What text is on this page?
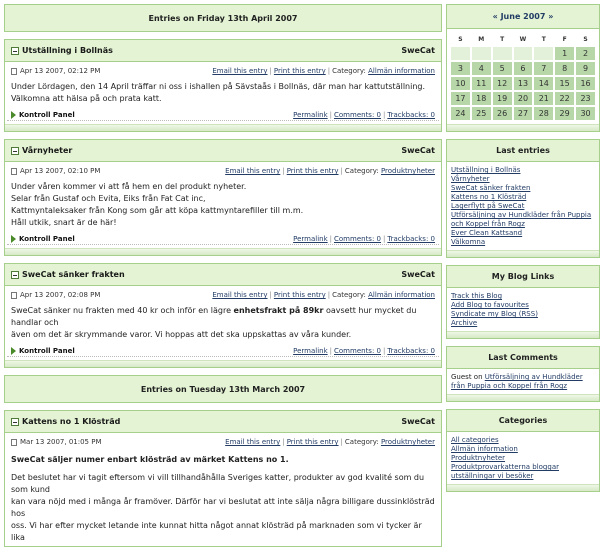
Entries on Friday 13th April 2007
Utställning i Bollnäs	SweCat
Apr 13 2007, 02:12 PM	Email this entry | Print this entry | Category: Allmän information
Under Lördagen, den 14 April träffar ni oss i ishallen på Sävstaås i Bollnäs, där man har kattutställning.
Välkomna att hälsa på och prata katt.
Kontroll Panel	Permalink | Comments: 0 | Trackbacks: 0
Vårnyheter	SweCat
Apr 13 2007, 02:10 PM	Email this entry | Print this entry | Category: Produktnyheter
Under våren kommer vi att få hem en del produkt nyheter.
Selar från Gustaf och Evita, Eiks från Fat Cat inc,
Kattmyntaleksaker från Kong som går att köpa kattmyntarefiller till m.m.
Håll utkik, snart är de här!
Kontroll Panel	Permalink | Comments: 0 | Trackbacks: 0
SweCat sänker frakten	SweCat
Apr 13 2007, 02:08 PM	Email this entry | Print this entry | Category: Allmän information
SweCat sänker nu frakten med 40 kr och inför en lägre enhetsfrakt på 89kr oavsett hur mycket du handlar och
även om det är skrymmande varor. Vi hoppas att det ska uppskattas av våra kunder.
Kontroll Panel	Permalink | Comments: 0 | Trackbacks: 0
Entries on Tuesday 13th March 2007
Kattens no 1 Klösträd	SweCat
Mar 13 2007, 01:05 PM	Email this entry | Print this entry | Category: Produktnyheter
SweCat säljer numer enbart klösträd av märket Kattens no 1.
Det beslutet har vi tagit eftersom vi vill tillhandåhålla Sveriges katter, produkter av god kvalité som du som kund
kan vara nöjd med i många år framöver. Därför har vi beslutat att inte sälja några billigare dussinklösträd hos
oss. Vi har efter mycket letande inte kunnat hitta något annat klösträd på marknaden som vi tycker är lika
« June 2007 »
S	M	T	W	T	F	S
					1	2
3	4	5	6	7	8	9
10	11	12	13	14	15	16
17	18	19	20	21	22	23
24	25	26	27	28	29	30
Last entries
Utställning i Bollnäs
Vårnyheter
SweCat sänker frakten
Kattens no 1 Klösträd
Lagerflytt på SweCat
Utförsäljning av Hundkläder från Puppia
och Koppel från Rogz
Ever Clean Kattsand
Välkomna
My Blog Links
Track this Blog
Add Blog to favourites
Syndicate my Blog (RSS)
Archive
Last Comments
Guest on Utförsäljning av Hundkläder
från Puppia och Koppel från Rogz
Categories
All categories
Allmän information
Produktnyheter
Produktprovarkatterna bloggar
utställningar vi besöker
